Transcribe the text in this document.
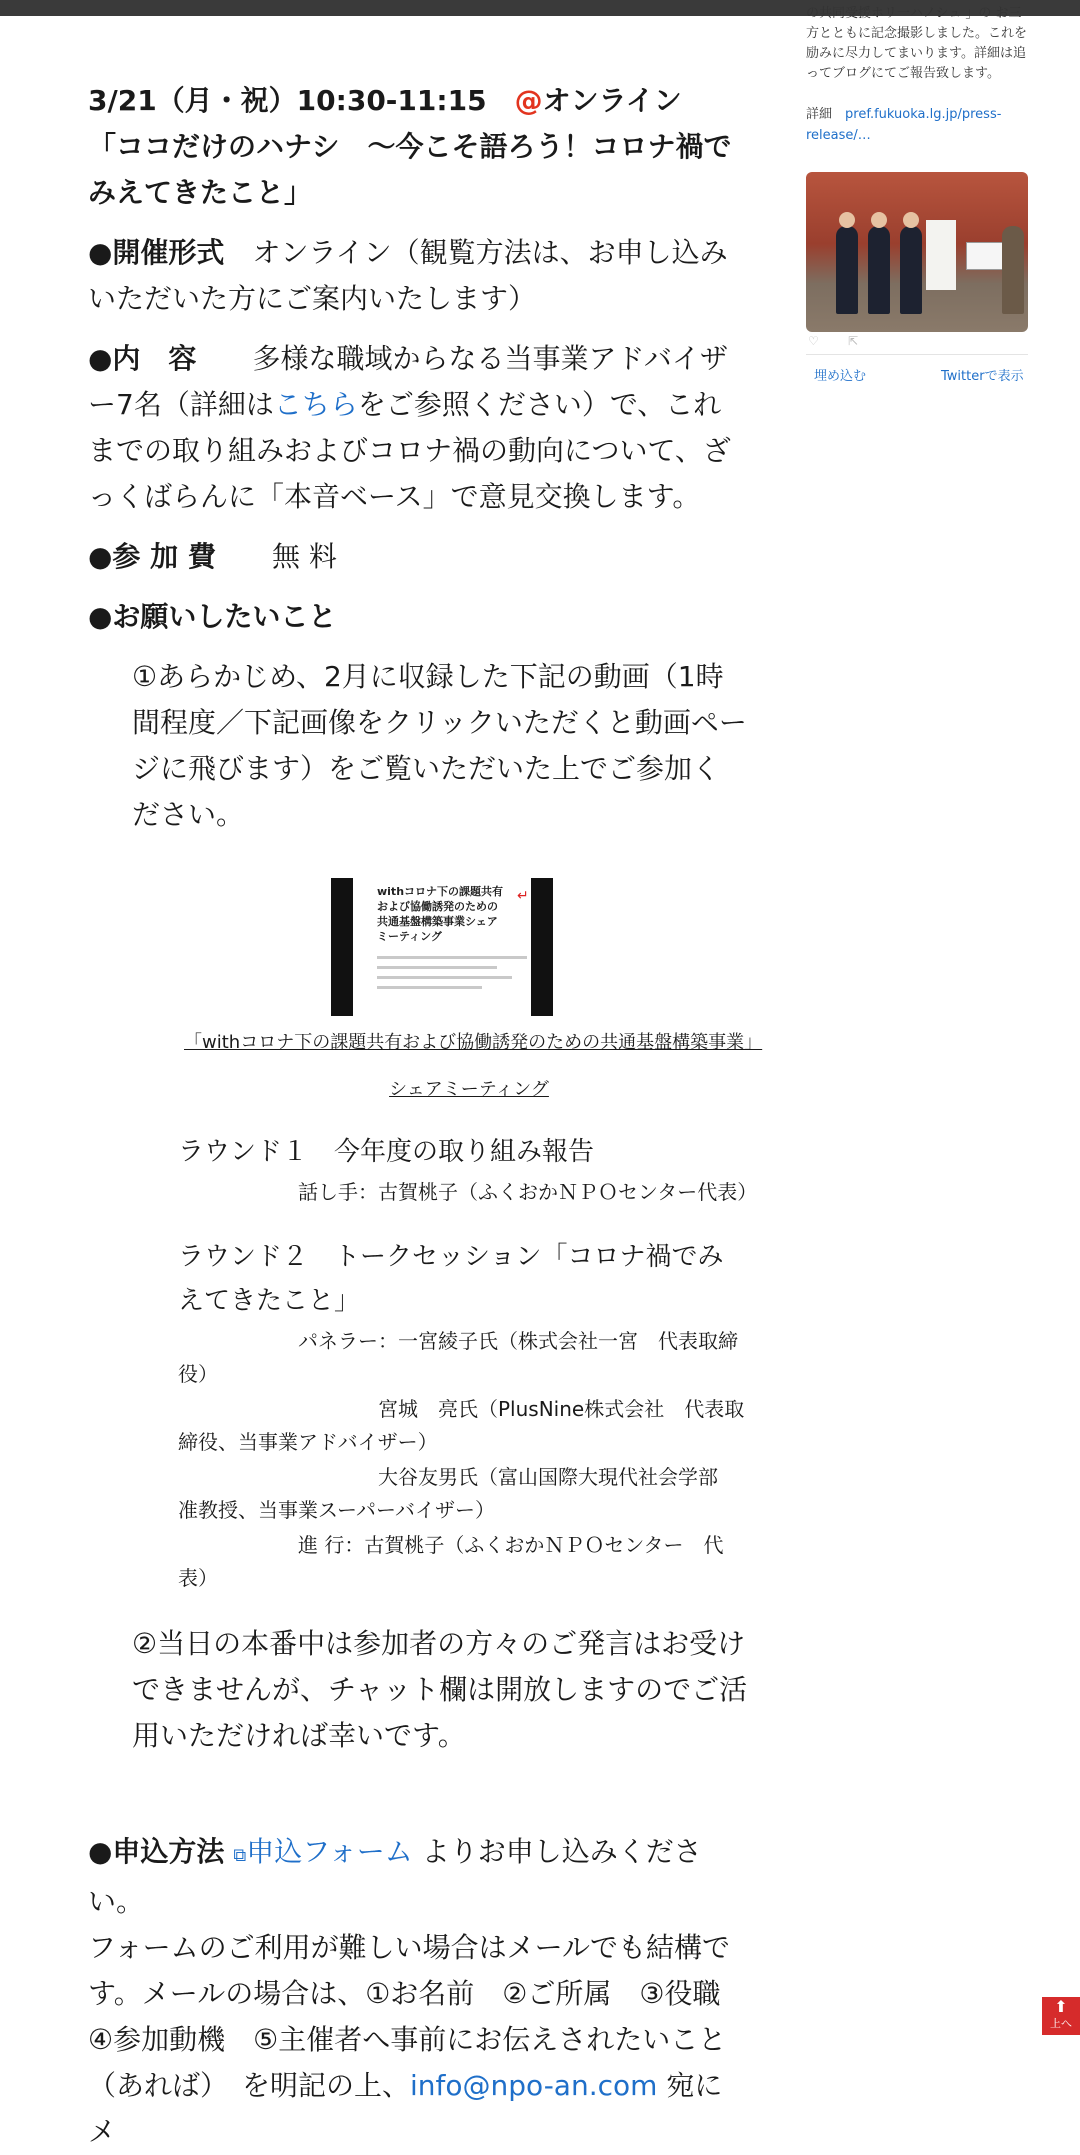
3/21（月・祝）10:30-11:15　@オンライン

「ココだけのハナシ　〜今こそ語ろう！コロナ禍でみえてきたこと」

●開催形式　オンライン（観覧方法は、お申し込みいただいた方にご案内いたします）

●内　容　　多様な職域からなる当事業アドバイザー7名（詳細はこちらをご参照ください）で、これまでの取り組みおよびコロナ禍の動向について、ざっくばらんに「本音ベース」で意見交換します。

●参 加 費　　無 料

●お願いしたいこと

①あらかじめ、2月に収録した下記の動画（1時間程度／下記画像をクリックいただくと動画ページに飛びます）をご覧いただいた上でご参加ください。

withコロナ下の課題共有および協働誘発のための共通基盤構築事業シェアミーティング
↵

「withコロナ下の課題共有および協働誘発のための共通基盤構築事業」

シェアミーティング

ラウンド１　今年度の取り組み報告

　　　　　　話し手：古賀桃子（ふくおかＮＰＯセンター代表）

ラウンド２　トークセッション「コロナ禍でみえてきたこと」

　　　　　　パネラー：一宮綾子氏（株式会社一宮　代表取締役）

　　　　　　　　　　宮城　亮氏（PlusNine株式会社　代表取締役、当事業アドバイザー）

　　　　　　　　　　大谷友男氏（富山国際大現代社会学部　准教授、当事業スーパーバイザー）

　　　　　　進 行：古賀桃子（ふくおかＮＰＯセンター　代表）

②当日の本番中は参加者の方々のご発言はお受けできませんが、チャット欄は開放しますのでご活用いただければ幸いです。

●申込方法 ⧉申込フォーム よりお申し込みください。
フォームのご利用が難しい場合はメールでも結構です。メールの場合は、①お名前　②ご所属　③役職　④参加動機　⑤主催者へ事前にお伝えされたいこと（あれば）　を明記の上、info@npo-an.com 宛にメ

の共同受援ホリ一ハノシュ 」の お三方とともに記念撮影しました。これを励みに尽力してまいります。詳細は追ってブログにてご報告致します。

詳細　pref.fukuoka.lg.jp/press-release/…
♡ ⇱
埋め込む	Twitterで表示
⬆
上へ
